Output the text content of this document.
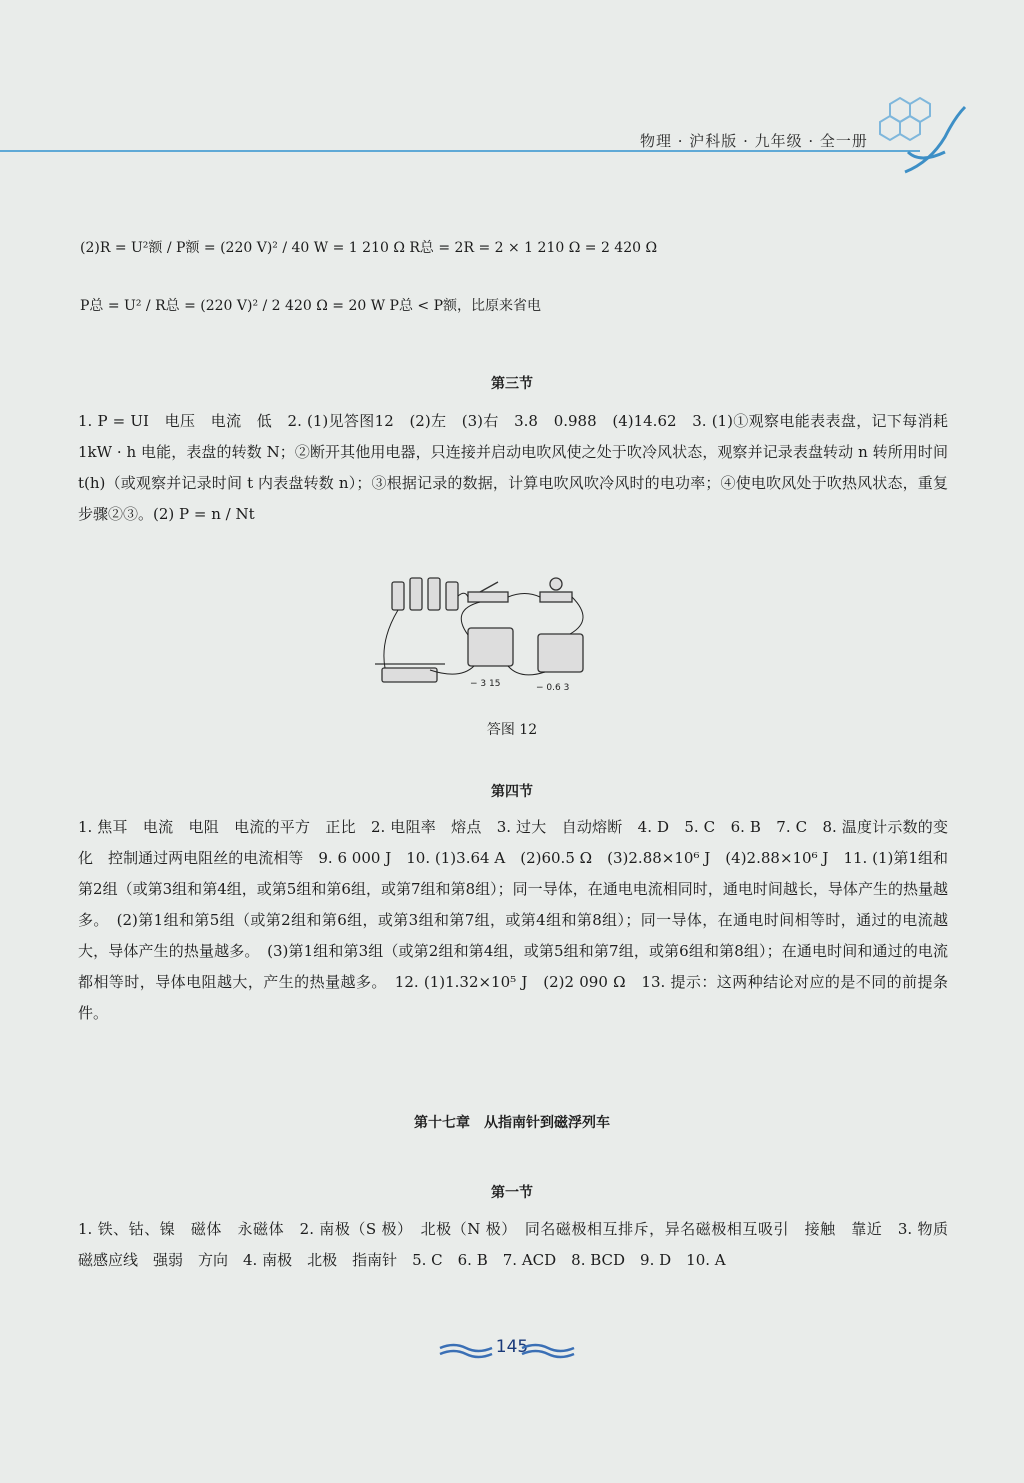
物理 · 沪科版 · 九年级 · 全一册
(2)R = U²额 / P额 = (220 V)² / 40 W = 1 210 Ω R总 = 2R = 2 × 1 210 Ω = 2 420 Ω
P总 = U² / R总 = (220 V)² / 2 420 Ω = 20 W P总 < P额，比原来省电
第三节
1. P = UI　电压　电流　低　2. (1)见答图12　(2)左　(3)右　3.8　0.988　(4)14.62　3. (1)①观察电能表表盘，记下每消耗 1kW · h 电能，表盘的转数 N；②断开其他用电器，只连接并启动电吹风使之处于吹冷风状态，观察并记录表盘转动 n 转所用时间 t(h)（或观察并记录时间 t 内表盘转数 n）；③根据记录的数据，计算电吹风吹冷风时的电功率；④使电吹风处于吹热风状态，重复步骤②③。(2) P = n / Nt
− 3 15	− 0.6 3
答图 12
第四节
1. 焦耳　电流　电阻　电流的平方　正比　2. 电阻率　熔点　3. 过大　自动熔断　4. D　5. C　6. B　7. C　8. 温度计示数的变化　控制通过两电阻丝的电流相等　9. 6 000 J　10. (1)3.64 A　(2)60.5 Ω　(3)2.88×10⁶ J　(4)2.88×10⁶ J　11. (1)第1组和第2组（或第3组和第4组，或第5组和第6组，或第7组和第8组）；同一导体，在通电电流相同时，通电时间越长，导体产生的热量越多。　(2)第1组和第5组（或第2组和第6组，或第3组和第7组，或第4组和第8组）；同一导体，在通电时间相等时，通过的电流越大，导体产生的热量越多。　(3)第1组和第3组（或第2组和第4组，或第5组和第7组，或第6组和第8组）；在通电时间和通过的电流都相等时，导体电阻越大，产生的热量越多。　12. (1)1.32×10⁵ J　(2)2 090 Ω　13. 提示：这两种结论对应的是不同的前提条件。
第十七章　从指南针到磁浮列车
第一节
1. 铁、钴、镍　磁体　永磁体　2. 南极（S 极）　北极（N 极）　同名磁极相互排斥，异名磁极相互吸引　接触　靠近　3. 物质　磁感应线　强弱　方向　4. 南极　北极　指南针　5. C　6. B　7. ACD　8. BCD　9. D　10. A
145
